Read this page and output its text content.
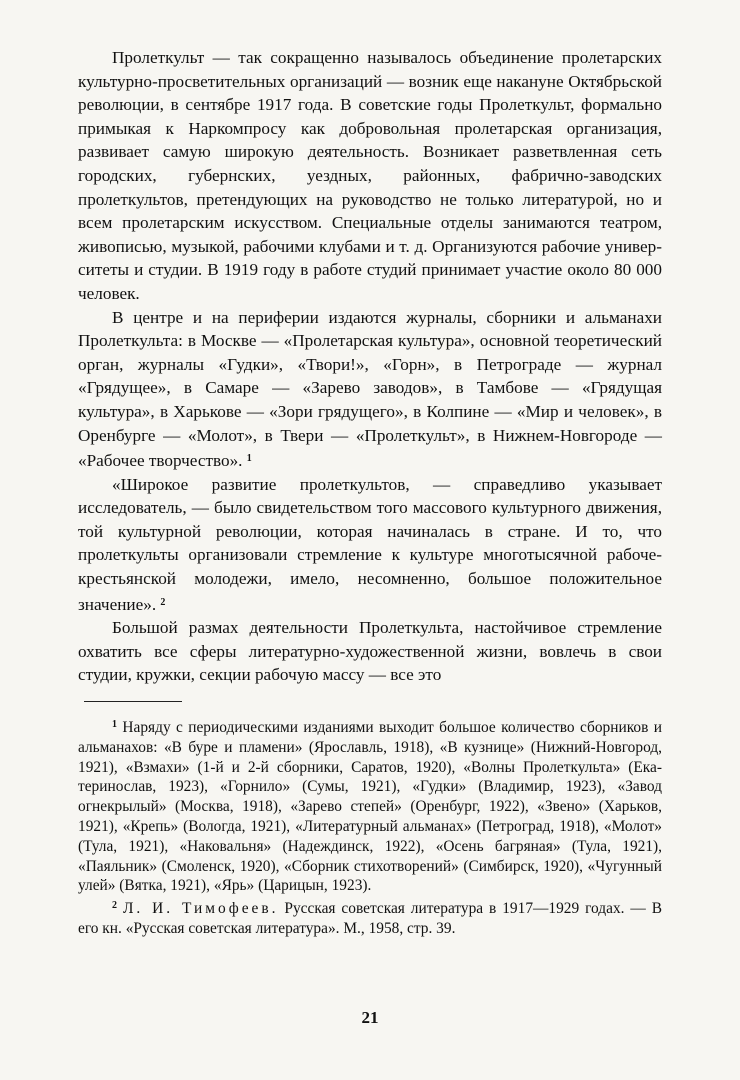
Пролеткульт — так сокращенно называлось объединение пролетарских культурно-просветительных организаций — возник еще накануне Октябрьской революции, в сентябре 1917 года. В советские годы Пролеткульт, формально примыкая к Наркомпросу как добровольная пролетарская организация, развивает самую широкую деятельность. Возникает разветвленная сеть городских, губернских, уездных, районных, фабрично-заводских пролеткультов, претендующих на руководство не только литературой, но и всем пролетарским искусством. Специальные отделы занимаются театром, живописью, музыкой, рабочими клубами и т. д. Организуются рабочие университеты и студии. В 1919 году в работе студий принимает участие около 80 000 человек.

В центре и на периферии издаются журналы, сборники и альманахи Пролеткульта: в Москве — «Пролетарская культура», основной теоретический орган, журналы «Гудки», «Твори!», «Горн», в Петрограде — журнал «Грядущее», в Самаре — «Зарево заводов», в Тамбове — «Грядущая культура», в Харькове — «Зори грядущего», в Колпине — «Мир и человек», в Оренбурге — «Молот», в Твери — «Пролеткульт», в Нижнем-Новгороде — «Рабочее творчество». $^1$

«Широкое развитие пролеткультов, — справедливо указывает исследователь, — было свидетельством того массового культурного движения, той культурной революции, которая начиналась в стране. И то, что пролеткульты организовали стремление к культуре многотысячной рабоче-крестьянской молодежи, имело, несомненно, большое положительное значение». $^2$

Большой размах деятельности Пролеткульта, настойчивое стремление охватить все сферы литературно-художественной жизни, вовлечь в свои студии, кружки, секции рабочую массу — все это

$^1$ Наряду с периодическими изданиями выходит большое количество сборников и альманахов: «В буре и пламени» (Ярославль, 1918), «В кузнице» (Нижний-Новгород, 1921), «Взмахи» (1-й и 2-й сборники, Саратов, 1920), «Волны Пролеткульта» (Екатеринослав, 1923), «Горнило» (Сумы, 1921), «Гудки» (Владимир, 1923), «Завод огнекрылый» (Москва, 1918), «Зарево степей» (Оренбург, 1922), «Звено» (Харьков, 1921), «Крепь» (Вологда, 1921), «Литературный альманах» (Петроград, 1918), «Молот» (Тула, 1921), «Наковальня» (Надеждинск, 1922), «Осень багряная» (Тула, 1921), «Паяльник» (Смоленск, 1920), «Сборник стихотворений» (Симбирск, 1920), «Чугунный улей» (Вятка, 1921), «Ярь» (Царицын, 1923).

$^2$ Л. И. Тимофеев. Русская советская литература в 1917—1929 годах. — В его кн. «Русская советская литература». М., 1958, стр. 39.

21
